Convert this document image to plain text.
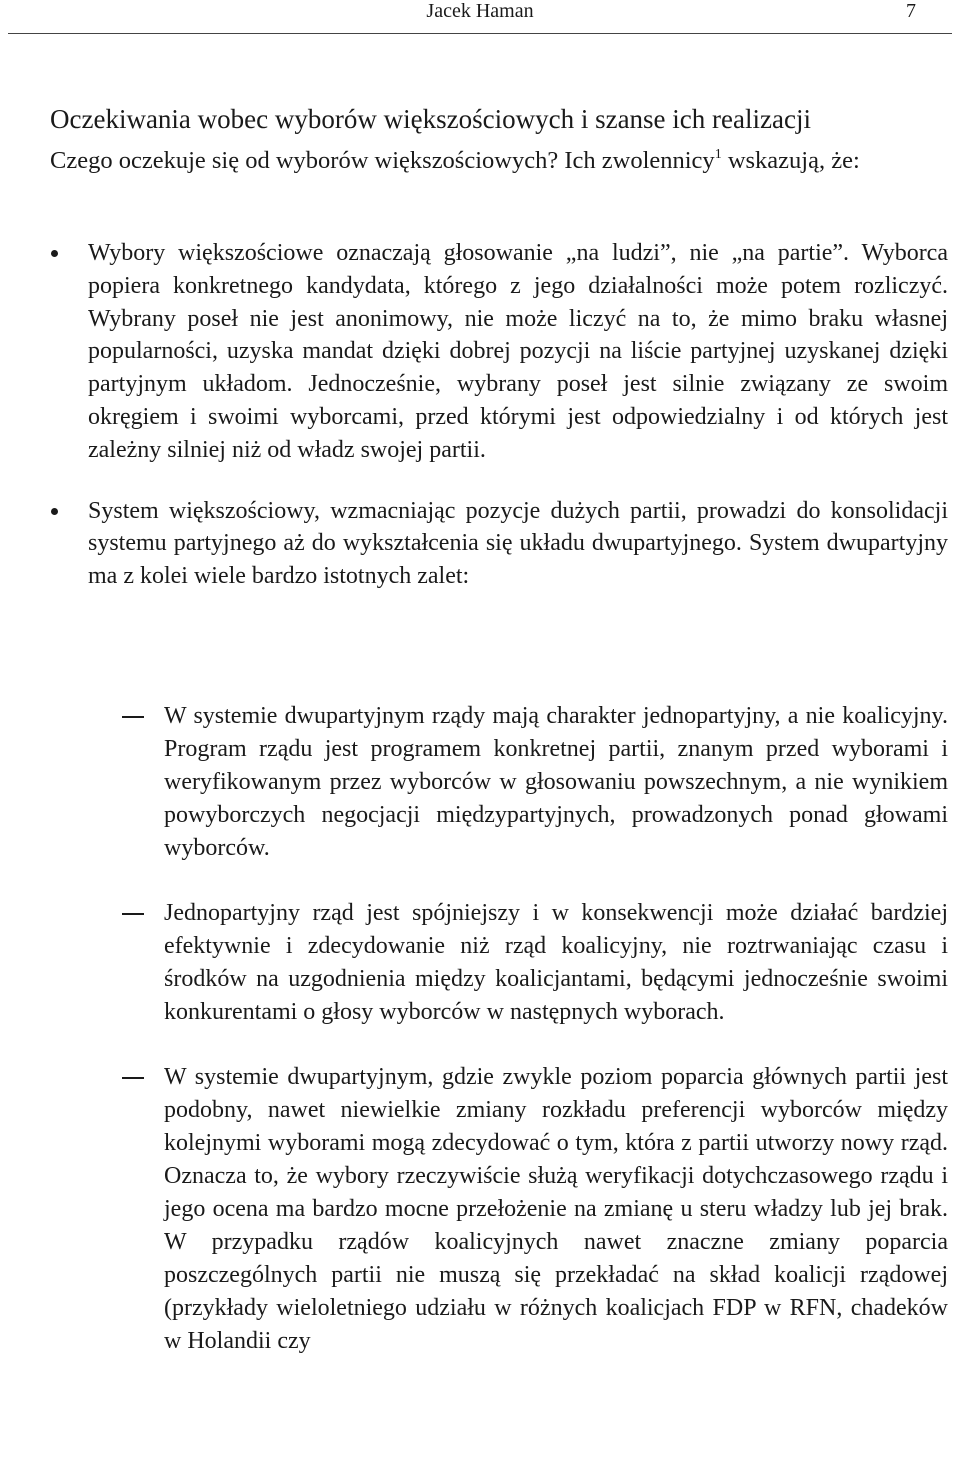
Jacek Haman	7
Oczekiwania wobec wyborów większościowych i szanse ich realizacji

Czego oczekuje się od wyborów większościowych? Ich zwolennicy$^1$ wskazują, że:

Wybory większościowe oznaczają głosowanie „na ludzi”, nie „na partie”. Wyborca popiera konkretnego kandydata, którego z jego działalności może potem rozliczyć. Wybrany poseł nie jest anonimowy, nie może liczyć na to, że mimo braku własnej popularności, uzyska mandat dzięki dobrej pozycji na liście partyjnej uzyskanej dzięki partyjnym układom. Jednocześnie, wybrany poseł jest silnie związany ze swoim okręgiem i swoimi wyborcami, przed którymi jest odpowiedzialny i od których jest zależny silniej niż od władz swojej partii.
System większościowy, wzmacniając pozycje dużych partii, prowadzi do konsolidacji systemu partyjnego aż do wykształcenia się układu dwupartyjnego. System dwupartyjny ma z kolei wiele bardzo istotnych zalet:
W systemie dwupartyjnym rządy mają charakter jednopartyjny, a nie koalicyjny. Program rządu jest programem konkretnej partii, znanym przed wyborami i weryfikowanym przez wyborców w głosowaniu powszechnym, a nie wynikiem powyborczych negocjacji międzypartyjnych, prowadzonych ponad głowami wyborców.
Jednopartyjny rząd jest spójniejszy i w konsekwencji może działać bardziej efektywnie i zdecydowanie niż rząd koalicyjny, nie roztrwaniając czasu i środków na uzgodnienia między koalicjantami, będącymi jednocześnie swoimi konkurentami o głosy wyborców w następnych wyborach.
W systemie dwupartyjnym, gdzie zwykle poziom poparcia głównych partii jest podobny, nawet niewielkie zmiany rozkładu preferencji wyborców między kolejnymi wyborami mogą zdecydować o tym, która z partii utworzy nowy rząd. Oznacza to, że wybory rzeczywiście służą weryfikacji dotychczasowego rządu i jego ocena ma bardzo mocne przełożenie na zmianę u steru władzy lub jej brak. W przypadku rządów koalicyjnych nawet znaczne zmiany poparcia poszczególnych partii nie muszą się przekładać na skład koalicji rządowej (przykłady wieloletniego udziału w różnych koalicjach FDP w RFN, chadeków w Holandii czy
